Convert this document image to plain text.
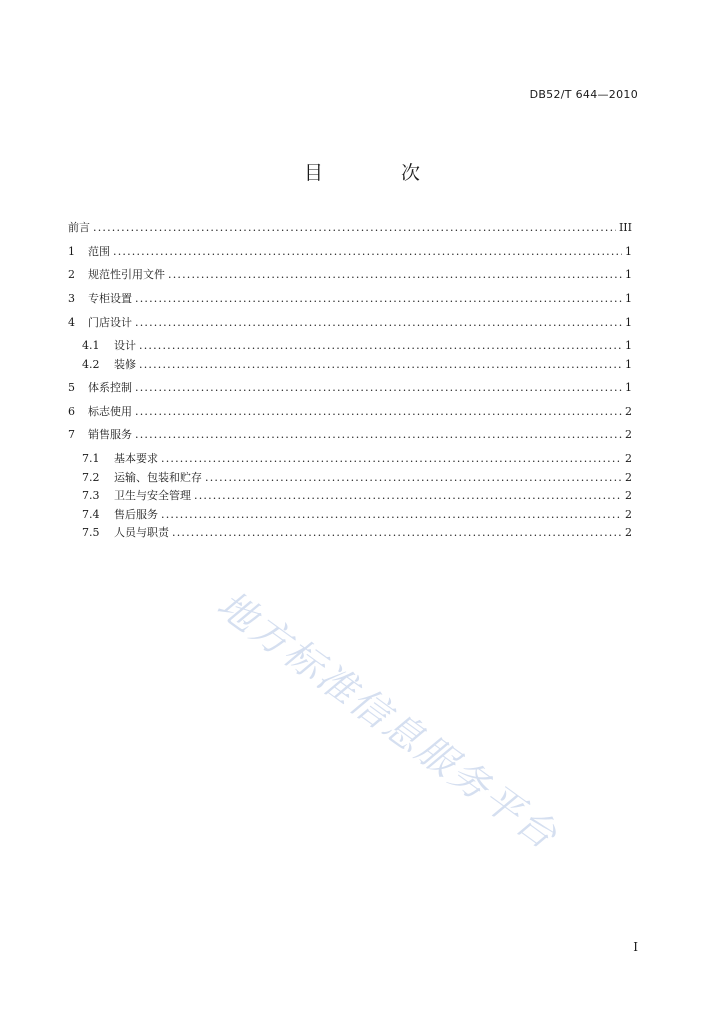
DB52/T 644—2010
目 次
前言 .....	III
1	范围 .....	1
2	规范性引用文件 .....	1
3	专柜设置 .....	1
4	门店设计 .....	1
4.1	设计 .....	1
4.2	装修 .....	1
5	体系控制 .....	1
6	标志使用 .....	2
7	销售服务 .....	2
7.1	基本要求 .....	2
7.2	运输、包装和贮存 .....	2
7.3	卫生与安全管理 .....	2
7.4	售后服务 .....	2
7.5	人员与职责 .....	2
地方标准信息服务平台
I
